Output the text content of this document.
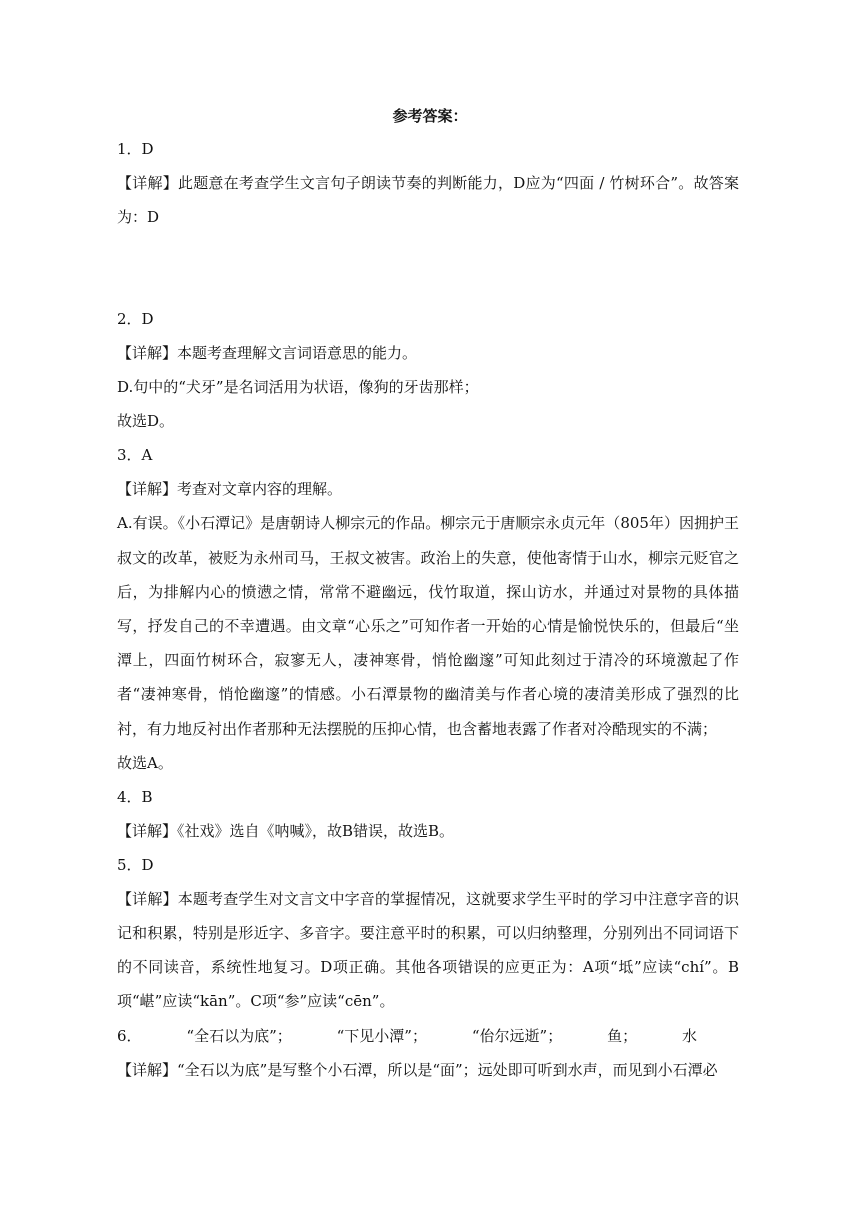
参考答案：
1．D
【详解】此题意在考查学生文言句子朗读节奏的判断能力，D应为“四面 / 竹树环合”。故答案为：D
2．D
【详解】本题考查理解文言词语意思的能力。
D.句中的“犬牙”是名词活用为状语，像狗的牙齿那样；
故选D。
3．A
【详解】考查对文章内容的理解。
A.有误。《小石潭记》是唐朝诗人柳宗元的作品。柳宗元于唐顺宗永贞元年（805年）因拥护王叔文的改革，被贬为永州司马，王叔文被害。政治上的失意，使他寄情于山水，柳宗元贬官之后，为排解内心的愤懑之情，常常不避幽远，伐竹取道，探山访水，并通过对景物的具体描写，抒发自己的不幸遭遇。由文章“心乐之”可知作者一开始的心情是愉悦快乐的，但最后“坐潭上，四面竹树环合，寂寥无人，凄神寒骨，悄怆幽邃”可知此刻过于清冷的环境激起了作者“凄神寒骨，悄怆幽邃”的情感。小石潭景物的幽清美与作者心境的凄清美形成了强烈的比衬，有力地反衬出作者那种无法摆脱的压抑心情，也含蓄地表露了作者对冷酷现实的不满；
故选A。
4．B
【详解】《社戏》选自《呐喊》，故B错误，故选B。
5．D
【详解】本题考查学生对文言文中字音的掌握情况，这就要求学生平时的学习中注意字音的识记和积累，特别是形近字、多音字。要注意平时的积累，可以归纳整理，分别列出不同词语下的不同读音，系统性地复习。D项正确。其他各项错误的应更正为：A项“坻”应读“chí”。B项“嵁”应读“kān”。C项“参”应读“cēn”。
6．	“全石以为底”；	“下见小潭”；	“佁尔远逝”；	鱼；	水
【详解】“全石以为底”是写整个小石潭，所以是“面”；远处即可听到水声，而见到小石潭必
